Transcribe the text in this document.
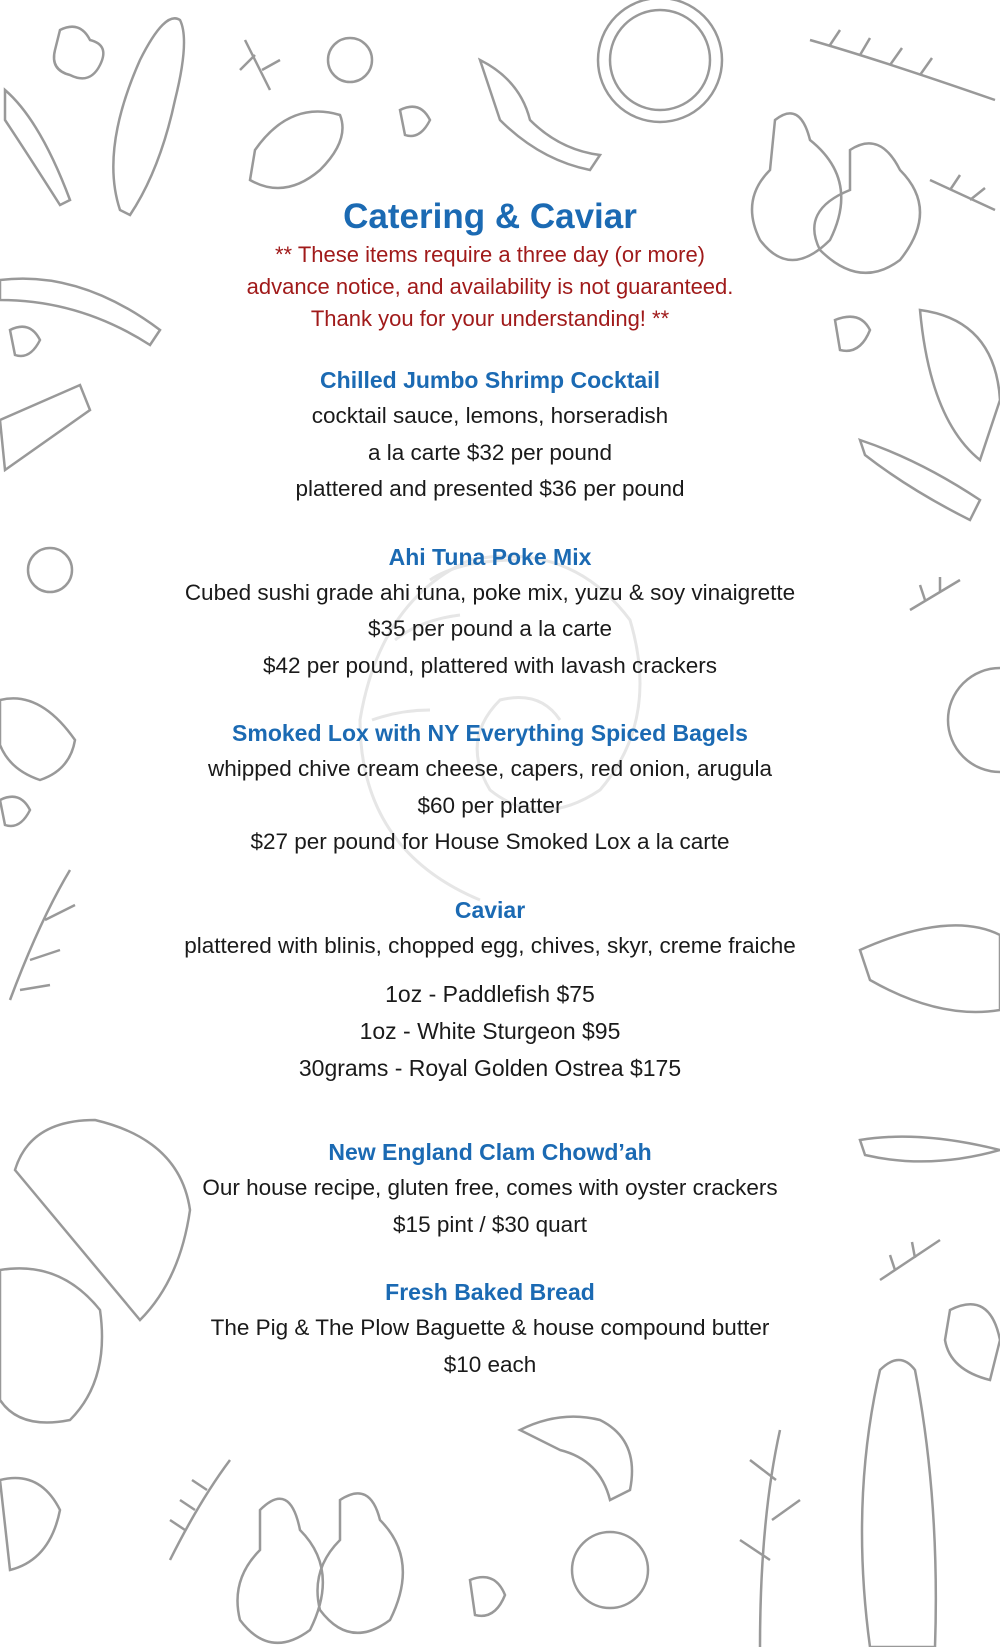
Catering & Caviar
** These items require a three day (or more)
advance notice, and availability is not guaranteed.
Thank you for your understanding! **
Chilled Jumbo Shrimp Cocktail
cocktail sauce, lemons, horseradish
a la carte $32 per pound
plattered and presented $36 per pound
Ahi Tuna Poke Mix
Cubed sushi grade ahi tuna, poke mix, yuzu & soy vinaigrette
$35 per pound a la carte
$42 per pound, plattered with lavash crackers
Smoked Lox with NY Everything Spiced Bagels
whipped chive cream cheese, capers, red onion, arugula
$60 per platter
$27 per pound for House Smoked Lox a la carte
Caviar
plattered with blinis, chopped egg, chives, skyr, creme fraiche
1oz - Paddlefish $75
1oz - White Sturgeon $95
30grams - Royal Golden Ostrea $175
New England Clam Chowd’ah
Our house recipe, gluten free, comes with oyster crackers
$15 pint / $30 quart
Fresh Baked Bread
The Pig & The Plow Baguette & house compound butter
$10 each
